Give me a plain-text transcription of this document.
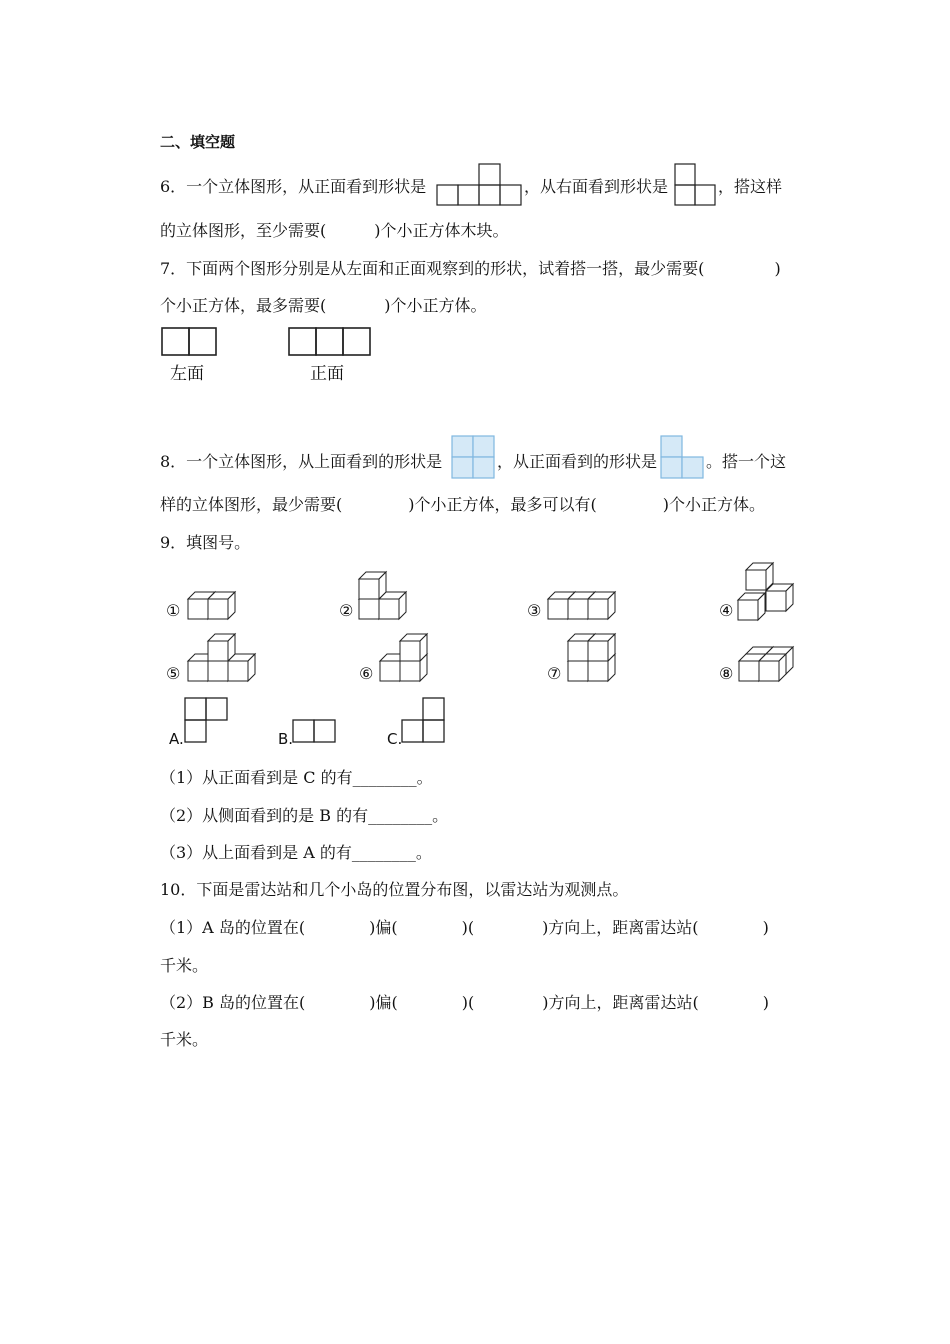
二、填空题
6．一个立体图形，从正面看到形状是	，从右面看到形状是	，搭这样
的立体图形，至少需要(	)个小正方体木块。
7．下面两个图形分别是从左面和正面观察到的形状，试着搭一搭，最少需要(	)
个小正方体，最多需要(	)个小正方体。
左面	正面
8．一个立体图形，从上面看到的形状是	，从正面看到的形状是	。搭一个这
样的立体图形，最少需要(	)个小正方体，最多可以有(	)个小正方体。
9．填图号。
①	②	③	④
⑤	⑥	⑦	⑧
A.	B.	C.
（1）从正面看到是 C 的有________。
（2）从侧面看到的是 B 的有________。
（3）从上面看到是 A 的有________。
10．下面是雷达站和几个小岛的位置分布图，以雷达站为观测点。
（1）A 岛的位置在(	)偏(	)(	)方向上，距离雷达站(	)
千米。
（2）B 岛的位置在(	)偏(	)(	)方向上，距离雷达站(	)
千米。
